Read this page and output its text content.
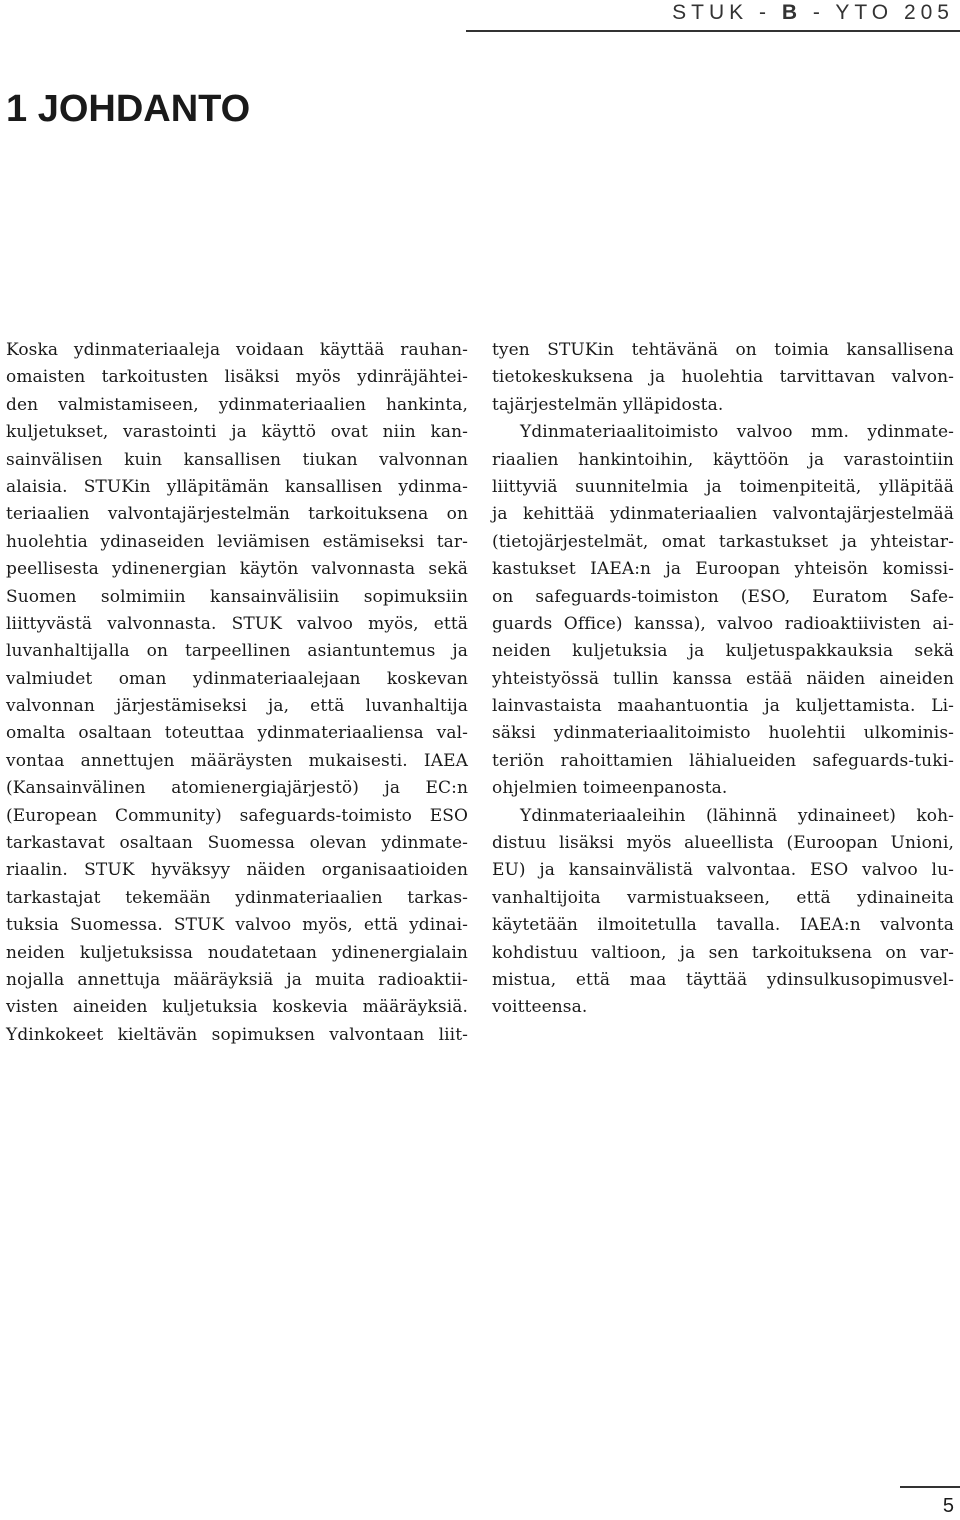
STUK - B - YTO 205
1 JOHDANTO
Koska ydinmateriaaleja voidaan käyttää rauhan-
omaisten tarkoitusten lisäksi myös ydinräjähtei-
den valmistamiseen, ydinmateriaalien hankinta,
kuljetukset, varastointi ja käyttö ovat niin kan-
sainvälisen kuin kansallisen tiukan valvonnan
alaisia. STUKin ylläpitämän kansallisen ydinma-
teriaalien valvontajärjestelmän tarkoituksena on
huolehtia ydinaseiden leviämisen estämiseksi tar-
peellisesta ydinenergian käytön valvonnasta sekä
Suomen solmimiin kansainvälisiin sopimuksiin
liittyvästä valvonnasta. STUK valvoo myös, että
luvanhaltijalla on tarpeellinen asiantuntemus ja
valmiudet oman ydinmateriaalejaan koskevan
valvonnan järjestämiseksi ja, että luvanhaltija
omalta osaltaan toteuttaa ydinmateriaaliensa val-
vontaa annettujen määräysten mukaisesti. IAEA
(Kansainvälinen atomienergiajärjestö) ja EC:n
(European Community) safeguards-toimisto ESO
tarkastavat osaltaan Suomessa olevan ydinmate-
riaalin. STUK hyväksyy näiden organisaatioiden
tarkastajat tekemään ydinmateriaalien tarkas-
tuksia Suomessa. STUK valvoo myös, että ydinai-
neiden kuljetuksissa noudatetaan ydinenergialain
nojalla annettuja määräyksiä ja muita radioaktii-
visten aineiden kuljetuksia koskevia määräyksiä.
Ydinkokeet kieltävän sopimuksen valvontaan liit-
tyen STUKin tehtävänä on toimia kansallisena
tietokeskuksena ja huolehtia tarvittavan valvon-
tajärjestelmän ylläpidosta.
Ydinmateriaalitoimisto valvoo mm. ydinmate-
riaalien hankintoihin, käyttöön ja varastointiin
liittyviä suunnitelmia ja toimenpiteitä, ylläpitää
ja kehittää ydinmateriaalien valvontajärjestelmää
(tietojärjestelmät, omat tarkastukset ja yhteistar-
kastukset IAEA:n ja Euroopan yhteisön komissi-
on safeguards-toimiston (ESO, Euratom Safe-
guards Office) kanssa), valvoo radioaktiivisten ai-
neiden kuljetuksia ja kuljetuspakkauksia sekä
yhteistyössä tullin kanssa estää näiden aineiden
lainvastaista maahantuontia ja kuljettamista. Li-
säksi ydinmateriaalitoimisto huolehtii ulkominis-
teriön rahoittamien lähialueiden safeguards-tuki-
ohjelmien toimeenpanosta.
Ydinmateriaaleihin (lähinnä ydinaineet) koh-
distuu lisäksi myös alueellista (Euroopan Unioni,
EU) ja kansainvälistä valvontaa. ESO valvoo lu-
vanhaltijoita varmistuakseen, että ydinaineita
käytetään ilmoitetulla tavalla. IAEA:n valvonta
kohdistuu valtioon, ja sen tarkoituksena on var-
mistua, että maa täyttää ydinsulkusopimusvel-
voitteensa.
5
